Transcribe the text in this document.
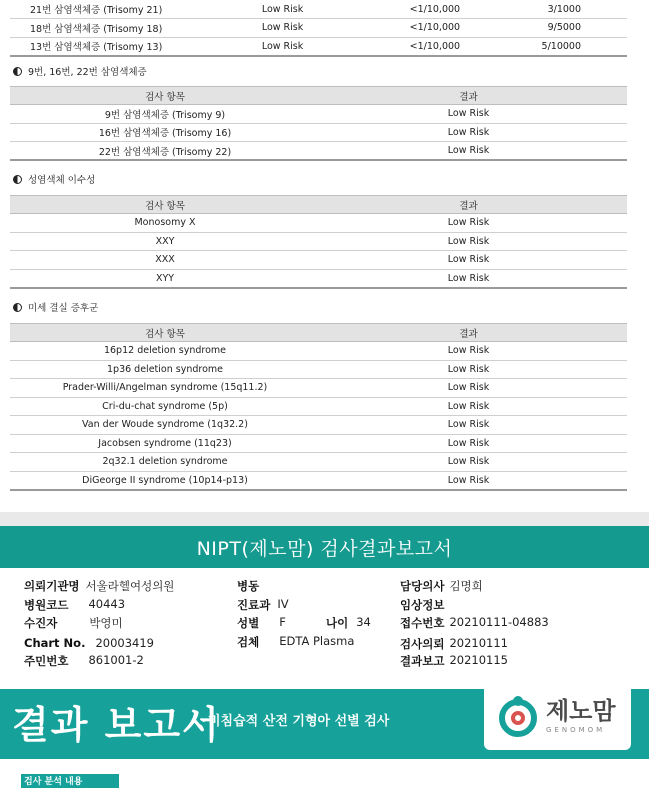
21번 삼염색체증 (Trisomy 21)	Low Risk	<1/10,000	3/1000
18번 삼염색체증 (Trisomy 18)	Low Risk	<1/10,000	9/5000
13번 삼염색체증 (Trisomy 13)	Low Risk	<1/10,000	5/10000
9번, 16번, 22번 삼염색체증
검사 항목	결과
9번 삼염색체증 (Trisomy 9)	Low Risk
16번 삼염색체증 (Trisomy 16)	Low Risk
22번 삼염색체증 (Trisomy 22)	Low Risk
성염색체 이수성
검사 항목	결과
Monosomy X	Low Risk
XXY	Low Risk
XXX	Low Risk
XYY	Low Risk
미세 결실 증후군
검사 항목	결과
16p12 deletion syndrome	Low Risk
1p36 deletion syndrome	Low Risk
Prader-Willi/Angelman syndrome (15q11.2)	Low Risk
Cri-du-chat syndrome (5p)	Low Risk
Van der Woude syndrome (1q32.2)	Low Risk
Jacobsen syndrome (11q23)	Low Risk
2q32.1 deletion syndrome	Low Risk
DiGeorge II syndrome (10p14-p13)	Low Risk
NIPT(제노맘) 검사결과보고서
의뢰기관명 서울라헬여성의원
병원코드 40443
수진자	박영미
Chart No. 20003419
주민번호 861001-2
병동
진료과 IV
성별 F	나이 34
검체 EDTA Plasma
담당의사 김명희
임상정보
접수번호 20210111-04883
검사의뢰 20210111
결과보고 20210115
결과 보고서
비침습적 산전 기형아 선별 검사	제노맘
GENOMOM
검사 분석 내용
